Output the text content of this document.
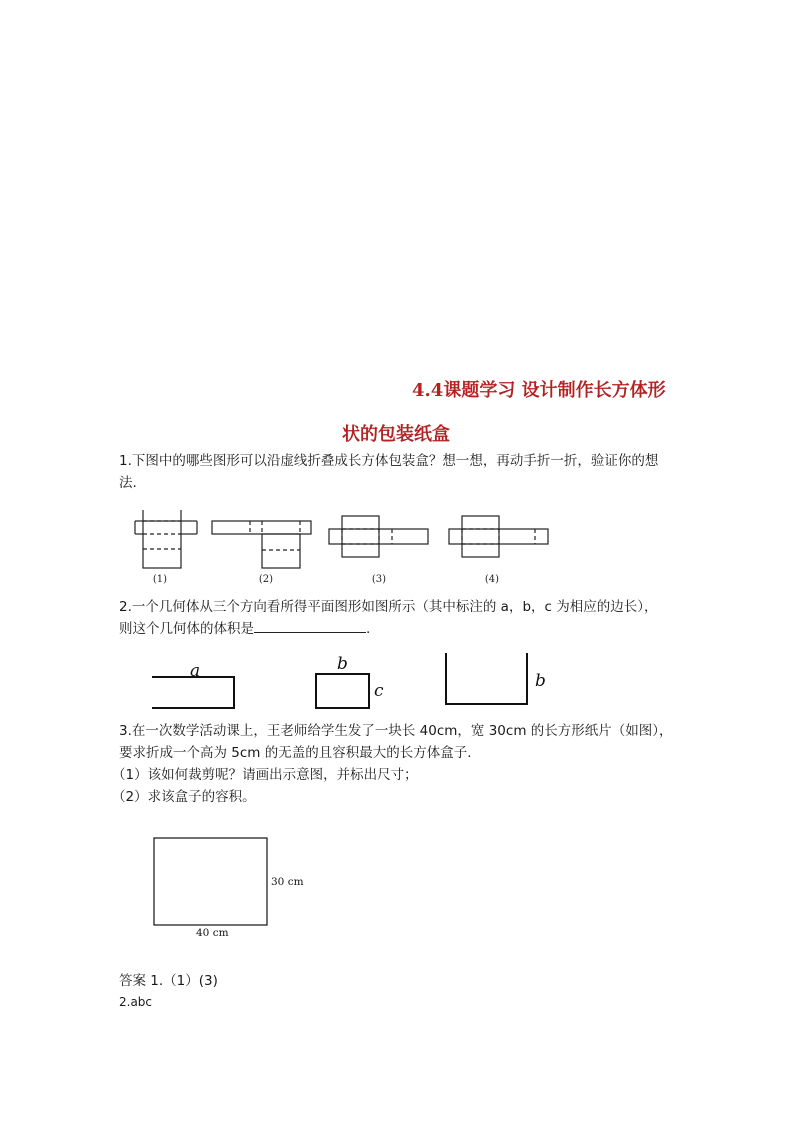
4.4课题学习 设计制作长方体形
状的包装纸盒
1.下图中的哪些图形可以沿虚线折叠成长方体包装盒？想一想，再动手折一折，验证你的想
法.
(1)	(2)	(3)	(4)
a	b
c	b
30 cm
40 cm
2.一个几何体从三个方向看所得平面图形如图所示（其中标注的 a，b，c 为相应的边长），
则这个几何体的体积是	.
3.在一次数学活动课上，王老师给学生发了一块长 40cm，宽 30cm 的长方形纸片（如图），
要求折成一个高为 5cm 的无盖的且容积最大的长方体盒子.
（1）该如何裁剪呢？请画出示意图，并标出尺寸；
（2）求该盒子的容积。
答案 1.（1）(3)
2.abc
